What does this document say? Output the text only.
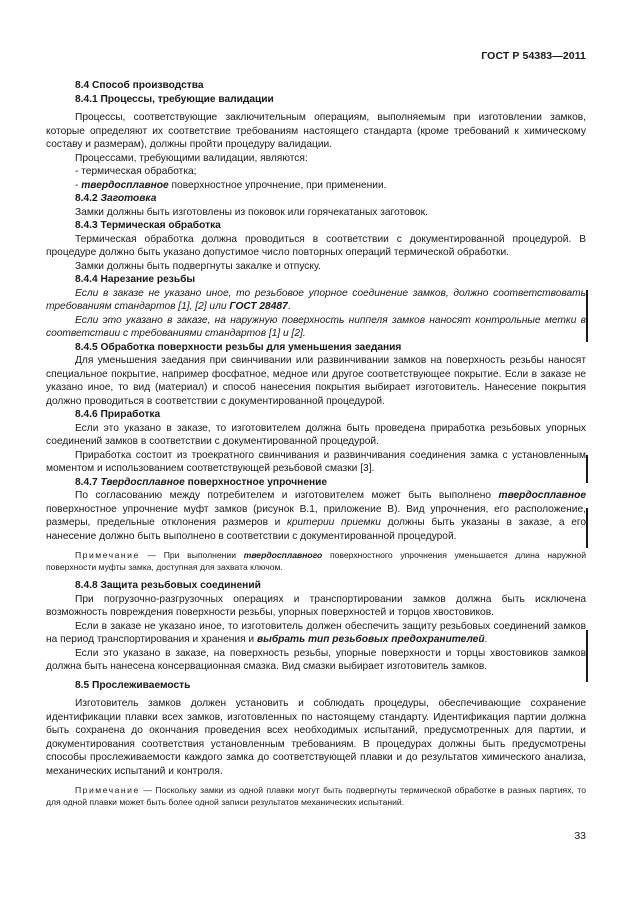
ГОСТ Р 54383—2011

8.4 Способ производства

8.4.1 Процессы, требующие валидации

Процессы, соответствующие заключительным операциям, выполняемым при изготовлении замков, которые определяют их соответствие требованиям настоящего стандарта (кроме требований к химическому составу и размерам), должны пройти процедуру валидации.

Процессами, требующими валидации, являются:

- термическая обработка;

- твердосплавное поверхностное упрочнение, при применении.

8.4.2 Заготовка

Замки должны быть изготовлены из поковок или горячекатаных заготовок.

8.4.3 Термическая обработка

Термическая обработка должна проводиться в соответствии с документированной процедурой. В процедуре должно быть указано допустимое число повторных операций термической обработки.

Замки должны быть подвергнуты закалке и отпуску.

8.4.4 Нарезание резьбы

Если в заказе не указано иное, то резьбовое упорное соединение замков, должно соответствовать требованиям стандартов [1], [2] или ГОСТ 28487.

Если это указано в заказе, на наружную поверхность ниппеля замков наносят контрольные метки в соответствии с требованиями стандартов [1] и [2].

8.4.5 Обработка поверхности резьбы для уменьшения заедания

Для уменьшения заедания при свинчивании или развинчивании замков на поверхность резьбы наносят специальное покрытие, например фосфатное, медное или другое соответствующее покрытие. Если в заказе не указано иное, то вид (материал) и способ нанесения покрытия выбирает изготовитель. Нанесение покрытия должно проводиться в соответствии с документированной процедурой.

8.4.6 Приработка

Если это указано в заказе, то изготовителем должна быть проведена приработка резьбовых упорных соединений замков в соответствии с документированной процедурой.

Приработка состоит из троекратного свинчивания и развинчивания соединения замка с установленным моментом и использованием соответствующей резьбовой смазки [3].

8.4.7 Твердосплавное поверхностное упрочнение

По согласованию между потребителем и изготовителем может быть выполнено твердосплавное поверхностное упрочнение муфт замков (рисунок В.1, приложение В). Вид упрочнения, его расположение, размеры, предельные отклонения размеров и критерии приемки должны быть указаны в заказе, а его нанесение должно быть выполнено в соответствии с документированной процедурой.

Примечание — При выполнении твердосплавного поверхностного упрочнения уменьшается длина наружной поверхности муфты замка, доступная для захвата ключом.

8.4.8 Защита резьбовых соединений

При погрузочно-разгрузочных операциях и транспортировании замков должна быть исключена возможность повреждения поверхности резьбы, упорных поверхностей и торцов хвостовиков.

Если в заказе не указано иное, то изготовитель должен обеспечить защиту резьбовых соединений замков на период транспортирования и хранения и выбрать тип резьбовых предохранителей.

Если это указано в заказе, на поверхность резьбы, упорные поверхности и торцы хвостовиков замков должна быть нанесена консервационная смазка. Вид смазки выбирает изготовитель замков.

8.5 Прослеживаемость

Изготовитель замков должен установить и соблюдать процедуры, обеспечивающие сохранение идентификации плавки всех замков, изготовленных по настоящему стандарту. Идентификация партии должна быть сохранена до окончания проведения всех необходимых испытаний, предусмотренных для партии, и документирования соответствия установленным требованиям. В процедурах должны быть предусмотрены способы прослеживаемости каждого замка до соответствующей плавки и до результатов химического анализа, механических испытаний и контроля.

Примечание — Поскольку замки из одной плавки могут быть подвергнуты термической обработке в разных партиях, то для одной плавки может быть более одной записи результатов механических испытаний.

33
